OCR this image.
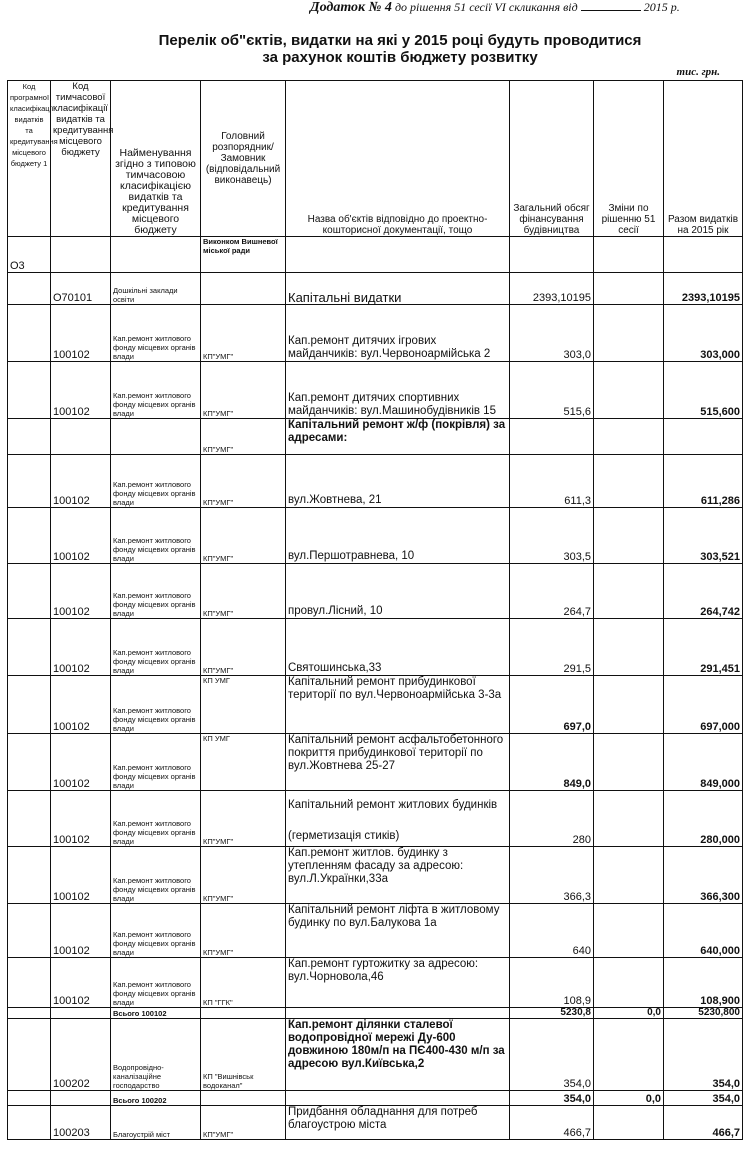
Додаток № 4 до рішення 51 сесії VI скликання від	2015 р.
Перелік об"єктів, видатки на які у 2015 році будуть проводитися
за рахунок коштів бюджету розвитку
тис. грн.
Код програмної класифікації видатків та кредитування місцевого бюджету 1	Код тимчасової класифікації видатків та кредитування місцевого бюджету	Найменування згідно з типовою тимчасовою класифікацією видатків та кредитування місцевого бюджету	Головний розпорядник/Замовник (відповідальний виконавець)	Назва об'єктів відповідно до проектно-кошторисної документації, тощо	Загальний обсяг фінансування будівництва	Зміни по рішенню 51 сесії	Разом видатків на 2015 рік
О3			Виконком Вишневої міської ради				
	О70101	Дошкільні заклади освіти		Капітальні видатки	2393,10195		2393,10195
	100102	Кап.ремонт житлового фонду місцевих органів влади	КП"УМГ"	Кап.ремонт дитячих ігрових майданчиків: вул.Червоноармійська 2	303,0		303,000
	100102	Кап.ремонт житлового фонду місцевих органів влади	КП"УМГ"	Кап.ремонт дитячих спортивних майданчиків: вул.Машинобудівників 15	515,6		515,600
			КП"УМГ"	Капітальний ремонт ж/ф (покрівля) за адресами:			
	100102	Кап.ремонт житлового фонду місцевих органів влади	КП"УМГ"	вул.Жовтнева, 21	611,3		611,286
	100102	Кап.ремонт житлового фонду місцевих органів влади	КП"УМГ"	вул.Першотравнева, 10	303,5		303,521
	100102	Кап.ремонт житлового фонду місцевих органів влади	КП"УМГ"	провул.Лісний, 10	264,7		264,742
	100102	Кап.ремонт житлового фонду місцевих органів влади	КП"УМГ"	Святошинська,33	291,5		291,451
	100102	Кап.ремонт житлового фонду місцевих органів влади	КП УМГ	Капітальний ремонт прибудинкової території по вул.Червоноармійська 3-3а	697,0		697,000
	100102	Кап.ремонт житлового фонду місцевих органів влади	КП УМГ	Капітальний ремонт асфальтобетонного покриття прибудинкової території по вул.Жовтнева 25-27	849,0		849,000
	100102	Кап.ремонт житлового фонду місцевих органів влади	КП"УМГ"	Капітальний ремонт житлових будинків
(герметизація стиків)	280		280,000
	100102	Кап.ремонт житлового фонду місцевих органів влади	КП"УМГ"	Кап.ремонт житлов. будинку з утепленням фасаду за адресою: вул.Л.Українки,33а	366,3		366,300
	100102	Кап.ремонт житлового фонду місцевих органів влади	КП"УМГ"	Капітальний ремонт ліфта в житловому будинку по вул.Балукова 1а	640		640,000
	100102	Кап.ремонт житлового фонду місцевих органів влади	КП "ГГК"	Кап.ремонт гуртожитку за адресою: вул.Чорновола,46	108,9		108,900
		Всього 100102			5230,8	0,0	5230,800
	100202	Водопровідно-каналізаційне господарство	КП "Вишнівськ водоканал"	Кап.ремонт ділянки сталевої водопровідної мережі Ду-600 довжиною 180м/п на ПЄ400-430 м/п за адресою вул.Київська,2	354,0		354,0
		Всього 100202			354,0	0,0	354,0
	100203	Благоустрій міст	КП"УМГ"	Придбання обладнання для потреб благоустрою міста	466,7		466,7
